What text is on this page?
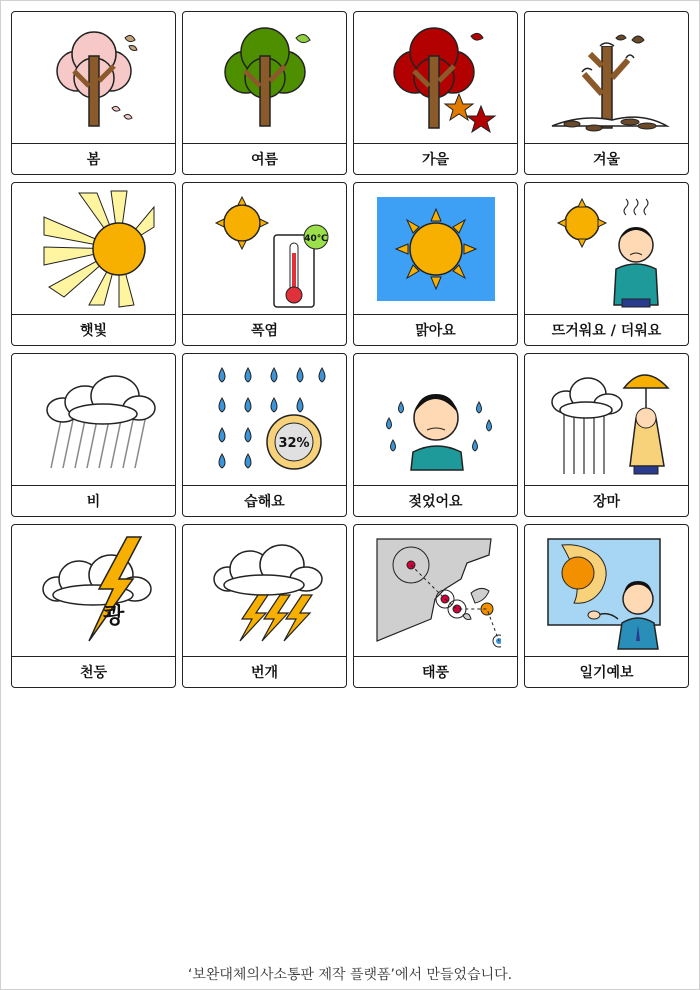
봄	여름	가을	겨울
햇빛
40℃
폭염	맑아요	뜨거워요 / 더워요
비
32%
습해요	젖었어요	장마
쾅
천둥	번개	태풍	일기예보
‘보완대체의사소통판 제작 플랫폼’에서 만들었습니다.
